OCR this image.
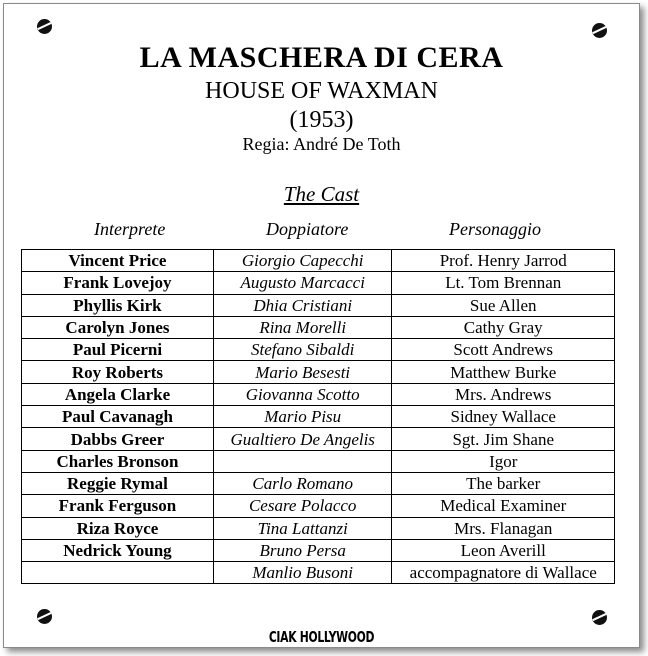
LA MASCHERA DI CERA
HOUSE OF WAXMAN
(1953)
Regia: André De Toth
The Cast
Interprete	Doppiatore	Personaggio
Vincent Price	Giorgio Capecchi	Prof. Henry Jarrod
Frank Lovejoy	Augusto Marcacci	Lt. Tom Brennan
Phyllis Kirk	Dhia Cristiani	Sue Allen
Carolyn Jones	Rina Morelli	Cathy Gray
Paul Picerni	Stefano Sibaldi	Scott Andrews
Roy Roberts	Mario Besesti	Matthew Burke
Angela Clarke	Giovanna Scotto	Mrs. Andrews
Paul Cavanagh	Mario Pisu	Sidney Wallace
Dabbs Greer	Gualtiero De Angelis	Sgt. Jim Shane
Charles Bronson		Igor
Reggie Rymal	Carlo Romano	The barker
Frank Ferguson	Cesare Polacco	Medical Examiner
Riza Royce	Tina Lattanzi	Mrs. Flanagan
Nedrick Young	Bruno Persa	Leon Averill
	Manlio Busoni	accompagnatore di Wallace
CIAK HOLLYWOOD
